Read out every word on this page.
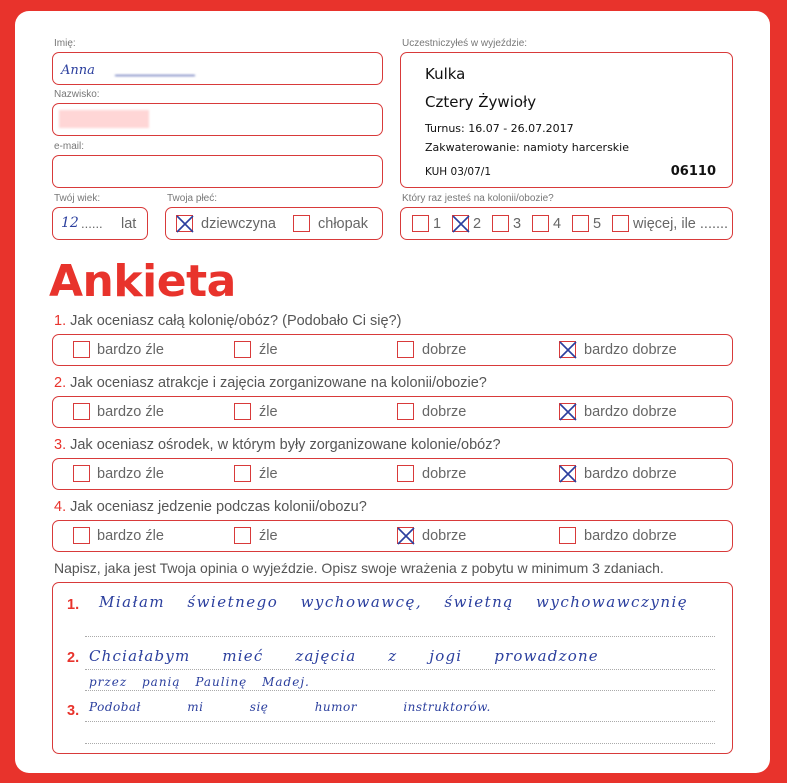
Imię:
Anna
Nazwisko:
e-mail:
Twój wiek:
12 ...... lat
Twoja płeć:
dziewczyna	chłopak
Uczestniczyłeś w wyjeździe:
Kulka
Cztery Żywioły
Turnus: 16.07 - 26.07.2017
Zakwaterowanie: namioty harcerskie
KUH 03/07/1	06110
Który raz jesteś na kolonii/obozie?
1 2 3 4 5 więcej, ile .......
Ankieta
1. Jak oceniasz całą kolonię/obóz? (Podobało Ci się?)
bardzo źle	źle	dobrze	bardzo dobrze
2. Jak oceniasz atrakcje i zajęcia zorganizowane na kolonii/obozie?
bardzo źle	źle	dobrze	bardzo dobrze
3. Jak oceniasz ośrodek, w którym były zorganizowane kolonie/obóz?
bardzo źle	źle	dobrze	bardzo dobrze
4. Jak oceniasz jedzenie podczas kolonii/obozu?
bardzo źle	źle	dobrze	bardzo dobrze
Napisz, jaka jest Twoja opinia o wyjeździe. Opisz swoje wrażenia z pobytu w minimum 3 zdaniach.
1.
2.
3.
Miałam świetnego wychowawcę, świetną wychowawczynię
Chciałabym mieć zajęcia z jogi prowadzone
przez panią Paulinę Madej.
Podobał mi się humor instruktorów.
